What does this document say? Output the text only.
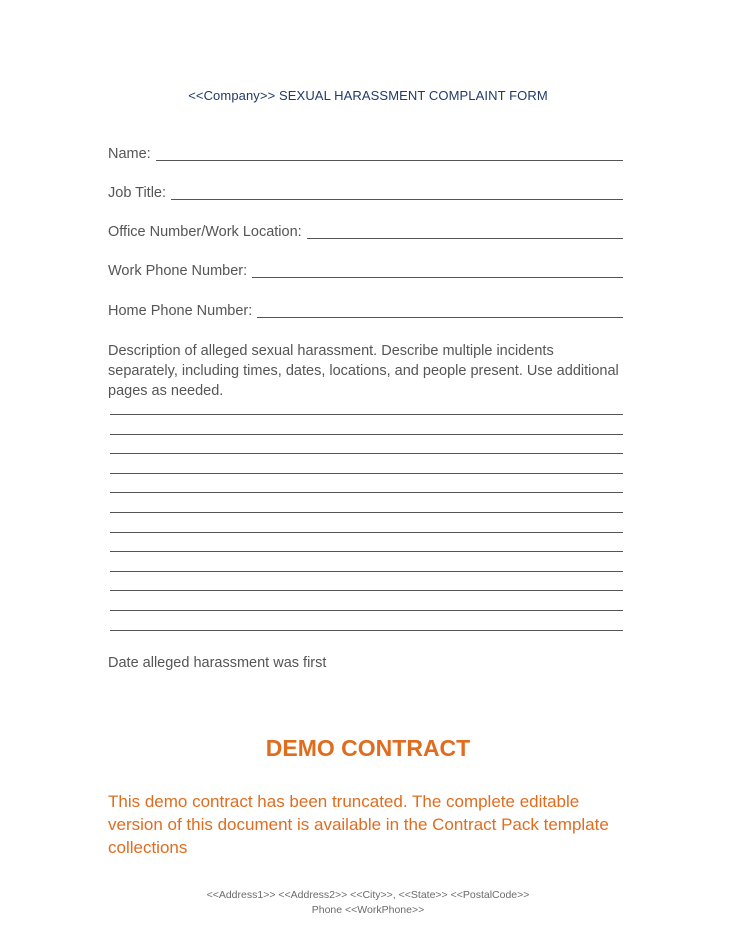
<<Company>> SEXUAL HARASSMENT COMPLAINT FORM
Name:
Job Title:
Office Number/Work Location:
Work Phone Number:
Home Phone Number:
Description of alleged sexual harassment. Describe multiple incidents separately, including times, dates, locations, and people present. Use additional pages as needed.
Date alleged harassment was first
DEMO CONTRACT
This demo contract has been truncated. The complete editable version of this document is available in the Contract Pack template collections
<<Address1>> <<Address2>> <<City>>, <<State>> <<PostalCode>>
Phone <<WorkPhone>>
